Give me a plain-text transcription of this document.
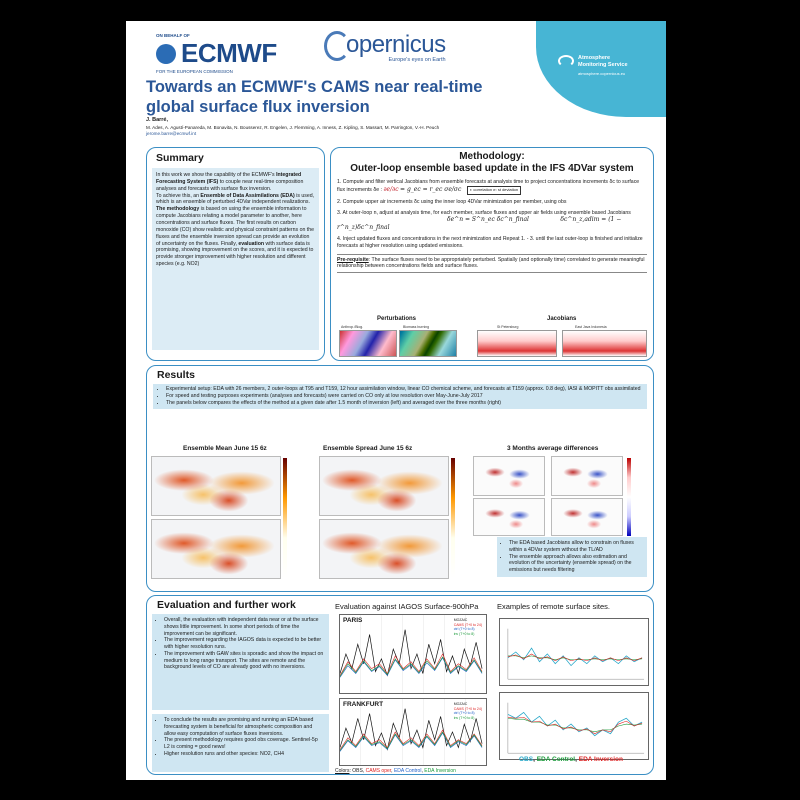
Atmosphere
Monitoring Service
atmosphere.copernicus.eu
ON BEHALF OF
ECMWF
FOR THE EUROPEAN COMMISSION
opernicus
Europe's eyes on Earth
Towards an ECMWF's CAMS near real-time global surface flux inversion
J. Barré,
M. Ades, A. Agustí-Panareda, M. Bonavita, N. Bousserez, R. Engelen, J. Flemming, A. Inness, Z. Kipling, S. Massart, M. Parrington, V.-H. Peuch
jerome.barre@ecmwf.int
Summary

In this work we show the capability of the ECMWF's Integrated Forecasting System (IFS) to couple near real-time composition analyses and forecasts with surface flux inversion.

To achieve this, an Ensemble of Data Assimilations (EDA) is used, which is an ensemble of perturbed 4DVar independent realizations.

The methodology is based on using the ensemble information to compute Jacobians relating a model parameter to another, here concentrations and surface fluxes. The first results on carbon monoxide (CO) show realistic and physical constraint patterns on the fluxes and the ensemble inversion spread can provide an evolution of uncertainty on the fluxes. Finally, evaluation with surface data is promising, showing improvement on the scores, and it is expected to provide stronger improvement with higher resolution and different species (e.g. NO2)

Methodology:
Outer-loop ensemble based update in the IFS 4DVar system
1. Compute and filter vertical Jacobians from ensemble forecasts at analysis time to project concentrations increments δc to surface flux increments δe : ∂e/∂c = g_ec = r_ec σe/σc r: correlation σ: st deviation
2. Compute upper air increments δc using the inner loop 4DVar minimization per member, using obs
3. At outer-loop n, adjust at analysis time, for each member, surface fluxes and upper air fields using ensemble based Jacobians
δe^n = S^n_ec δc^n_final	δc^n_z,adim = (1 − r^n_z)δc^n_final
4. Inject updated fluxes and concentrations in the next minimization and Repeat 1. - 3. until the last outer-loop is finished and initialize forecasts at higher resolution using updated emissions.
Pre-requisite: The surface fluxes need to be appropriately perturbed. Spatially (and optionally time) correlated to generate meaningful relationship between concentrations fields and surface fluxes.
Perturbations
Anthrop./Biog.	Biomass burning
Jacobians
St Petersburg	East Java Indonesia
Results
• Experimental setup: EDA with 26 members, 2 outer-loops at T95 and T159, 12 hour assimilation window, linear CO chemical scheme, and forecasts at T159 (approx. 0.8 deg), IASI & MOPITT obs assimilated
• For speed and testing purposes experiments (analyses and forecasts) were carried on CO only at low resolution over May-June-July 2017
• The panels below compares the effects of the method at a given date after 1.5 month of inversion (left) and averaged over the three months (right)
Ensemble Mean June 15 6z	Ensemble Spread June 15 6z	3 Months average differences
• The EDA based Jacobians allow to constrain on fluxes within a 4DVar system without the TL/AD
• The ensemble approach allows also estimation and evolution of the uncertainty (ensemble spread) on the emissions but needs filtering
Evaluation and further work
• Overall, the evaluation with independent data near or at the surface shows little improvement. In some short periods of time the improvement can be significant.
• The improvement regarding the IAGOS data is expected to be better with higher resolution runs.
• The improvement with GAW sites is sporadic and show the impact on medium to long range transport. The sites are remote and the background levels of CO are already good with no inversions.
• To conclude the results are promising and running an EDA based forecasting system is beneficial for atmospheric composition and allow easy computation of surface fluxes inversions.
• The present methodology requires good obs coverage. Sentinel-5p L2 is coming = good news!
• Higher resolution runs and other species: NO2, CH4
Evaluation against IAGOS Surface-900hPa Examples of remote surface sites.
PARIS	MOZAIC
CAMS (T+0 to 24)
ctrl (T+0 to 8)
inv (T+0 to 8)
FRANKFURT	MOZAIC
CAMS (T+0 to 24)
ctrl (T+0 to 8)
inv (T+0 to 8)
Colors: OBS, CAMS oper, EDA Control, EDA Inversion
OBS, EDA Control, EDA Inversion
